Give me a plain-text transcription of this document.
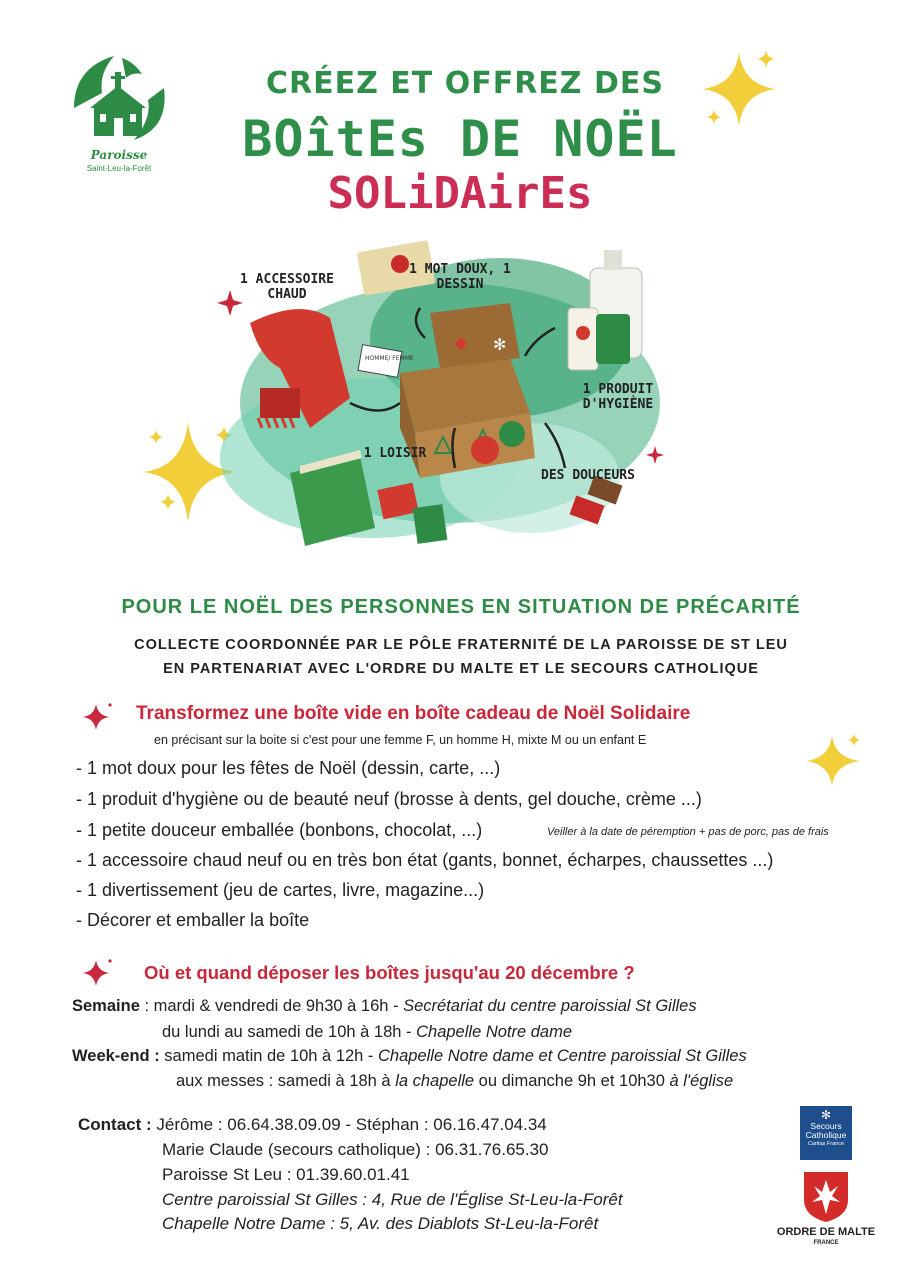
Paroisse
Saint-Leu-la-Forêt
CRÉEZ ET OFFREZ DES
BOîtEs DE NOËL
SOLiDAirEs
✻
HOMME/ FEMME
1 ACCESSOIRE CHAUD
1 MOT DOUX, 1 DESSIN
1 PRODUIT D'HYGIÈNE
1 LOISIR
DES DOUCEURS
POUR LE NOËL DES PERSONNES EN SITUATION DE PRÉCARITÉ
COLLECTE COORDONNÉE PAR LE PÔLE FRATERNITÉ DE LA PAROISSE DE ST LEU
EN PARTENARIAT AVEC L'ORDRE DU MALTE ET LE SECOURS CATHOLIQUE
Transformez une boîte vide en boîte cadeau de Noël Solidaire
en précisant sur la boite si c'est pour une femme F, un homme H, mixte M ou un enfant E
- 1 mot doux pour les fêtes de Noël (dessin, carte, ...)
- 1 produit d'hygiène ou de beauté neuf (brosse à dents, gel douche, crème ...)
- 1 petite douceur emballée (bonbons, chocolat, ...)	Veiller à la date de péremption + pas de porc, pas de frais
- 1 accessoire chaud neuf ou en très bon état (gants, bonnet, écharpes, chaussettes ...)
- 1 divertissement (jeu de cartes, livre, magazine...)
- Décorer et emballer la boîte
Où et quand déposer les boîtes jusqu'au 20 décembre ?
Semaine : mardi & vendredi de 9h30 à 16h - Secrétariat du centre paroissial St Gilles
du lundi au samedi de 10h à 18h - Chapelle Notre dame
Week-end : samedi matin de 10h à 12h - Chapelle Notre dame et Centre paroissial St Gilles
aux messes : samedi à 18h à la chapelle ou dimanche 9h et 10h30 à l'église
Contact : Jérôme : 06.64.38.09.09 - Stéphan : 06.16.47.04.34
Marie Claude (secours catholique) : 06.31.76.65.30
Paroisse St Leu : 01.39.60.01.41
Centre paroissial St Gilles : 4, Rue de l'Église St-Leu-la-Forêt
Chapelle Notre Dame : 5, Av. des Diablots St-Leu-la-Forêt
✻
Secours
Catholique
Caritas France
ORDRE DE MALTE
FRANCE
